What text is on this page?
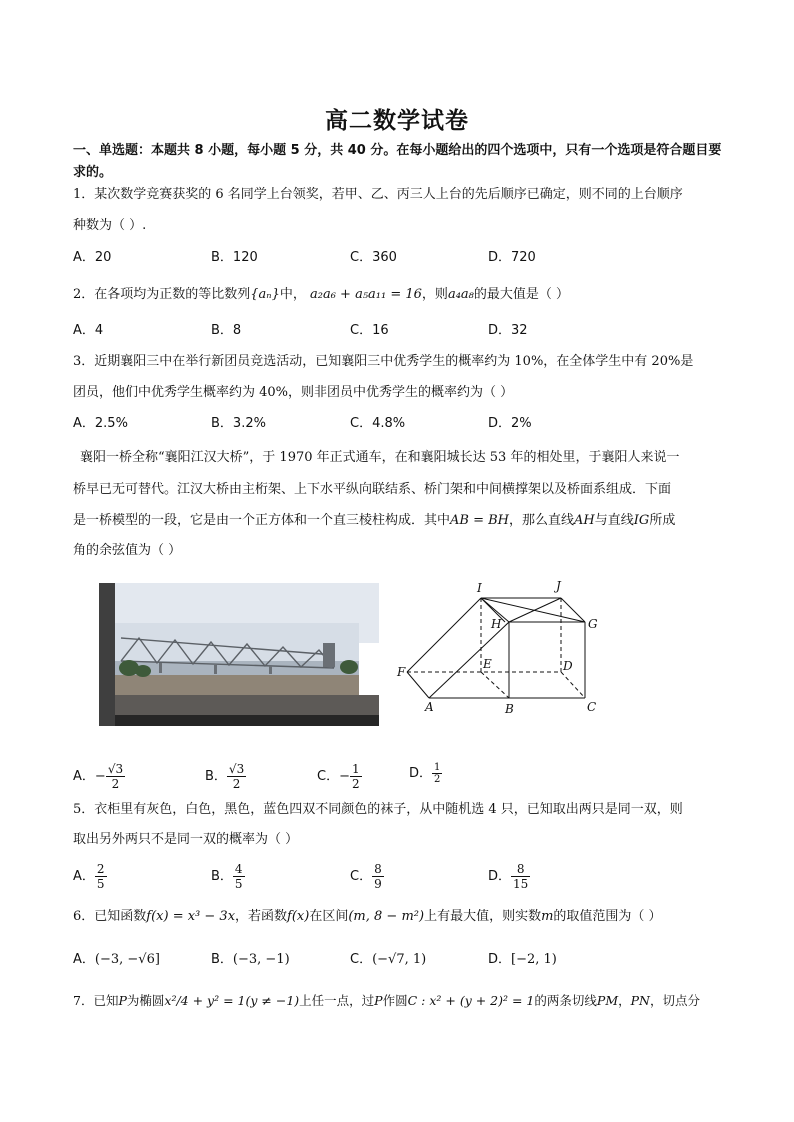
高二数学试卷
一、单选题：本题共 8 小题，每小题 5 分，共 40 分。在每小题给出的四个选项中，只有一个选项是符合题目要求的。
1．某次数学竞赛获奖的 6 名同学上台领奖，若甲、乙、丙三人上台的先后顺序已确定，则不同的上台顺序
种数为（ ）.
A．20	B．120	C．360	D．720
2．在各项均为正数的等比数列{aₙ}中， a₂a₆ + a₅a₁₁ = 16，则a₄a₈的最大值是（ ）
A．4	B．8	C．16	D．32
3．近期襄阳三中在举行新团员竞选活动，已知襄阳三中优秀学生的概率约为 10%，在全体学生中有 20%是
团员，他们中优秀学生概率约为 40%，则非团员中优秀学生的概率约为（ ）
A．2.5%	B．3.2%	C．4.8%	D．2%
襄阳一桥全称“襄阳江汉大桥”，于 1970 年正式通车，在和襄阳城长达 53 年的相处里，于襄阳人来说一
桥早已无可替代。江汉大桥由主桁架、上下水平纵向联结系、桥门架和中间横撑架以及桥面系组成．下面
是一桥模型的一段，它是由一个正方体和一个直三棱柱构成．其中AB = BH，那么直线AH与直线IG所成
角的余弦值为（ ）
I	J
H	G
E	D
F
A	B	C
A．− $\frac{√3}{2}$	B． $\frac{√3}{2}$	C．− $\frac{1}{2}$	D． $\frac{1}{2}$
5．衣柜里有灰色，白色，黑色，蓝色四双不同颜色的袜子，从中随机选 4 只，已知取出两只是同一双，则
取出另外两只不是同一双的概率为（ ）
A． $\frac{2}{5}$	B． $\frac{4}{5}$	C． $\frac{8}{9}$	D． $\frac{8}{15}$
6．已知函数f(x) = x³ − 3x，若函数f(x)在区间(m, 8 − m²)上有最大值，则实数m的取值范围为（ ）
A．(−3, −√6]	B．(−3, −1)	C．(−√7, 1)	D．[−2, 1)
7．已知P为椭圆x²/4 + y² = 1(y ≠ −1)上任一点，过P作圆C : x² + (y + 2)² = 1的两条切线PM，PN，切点分
